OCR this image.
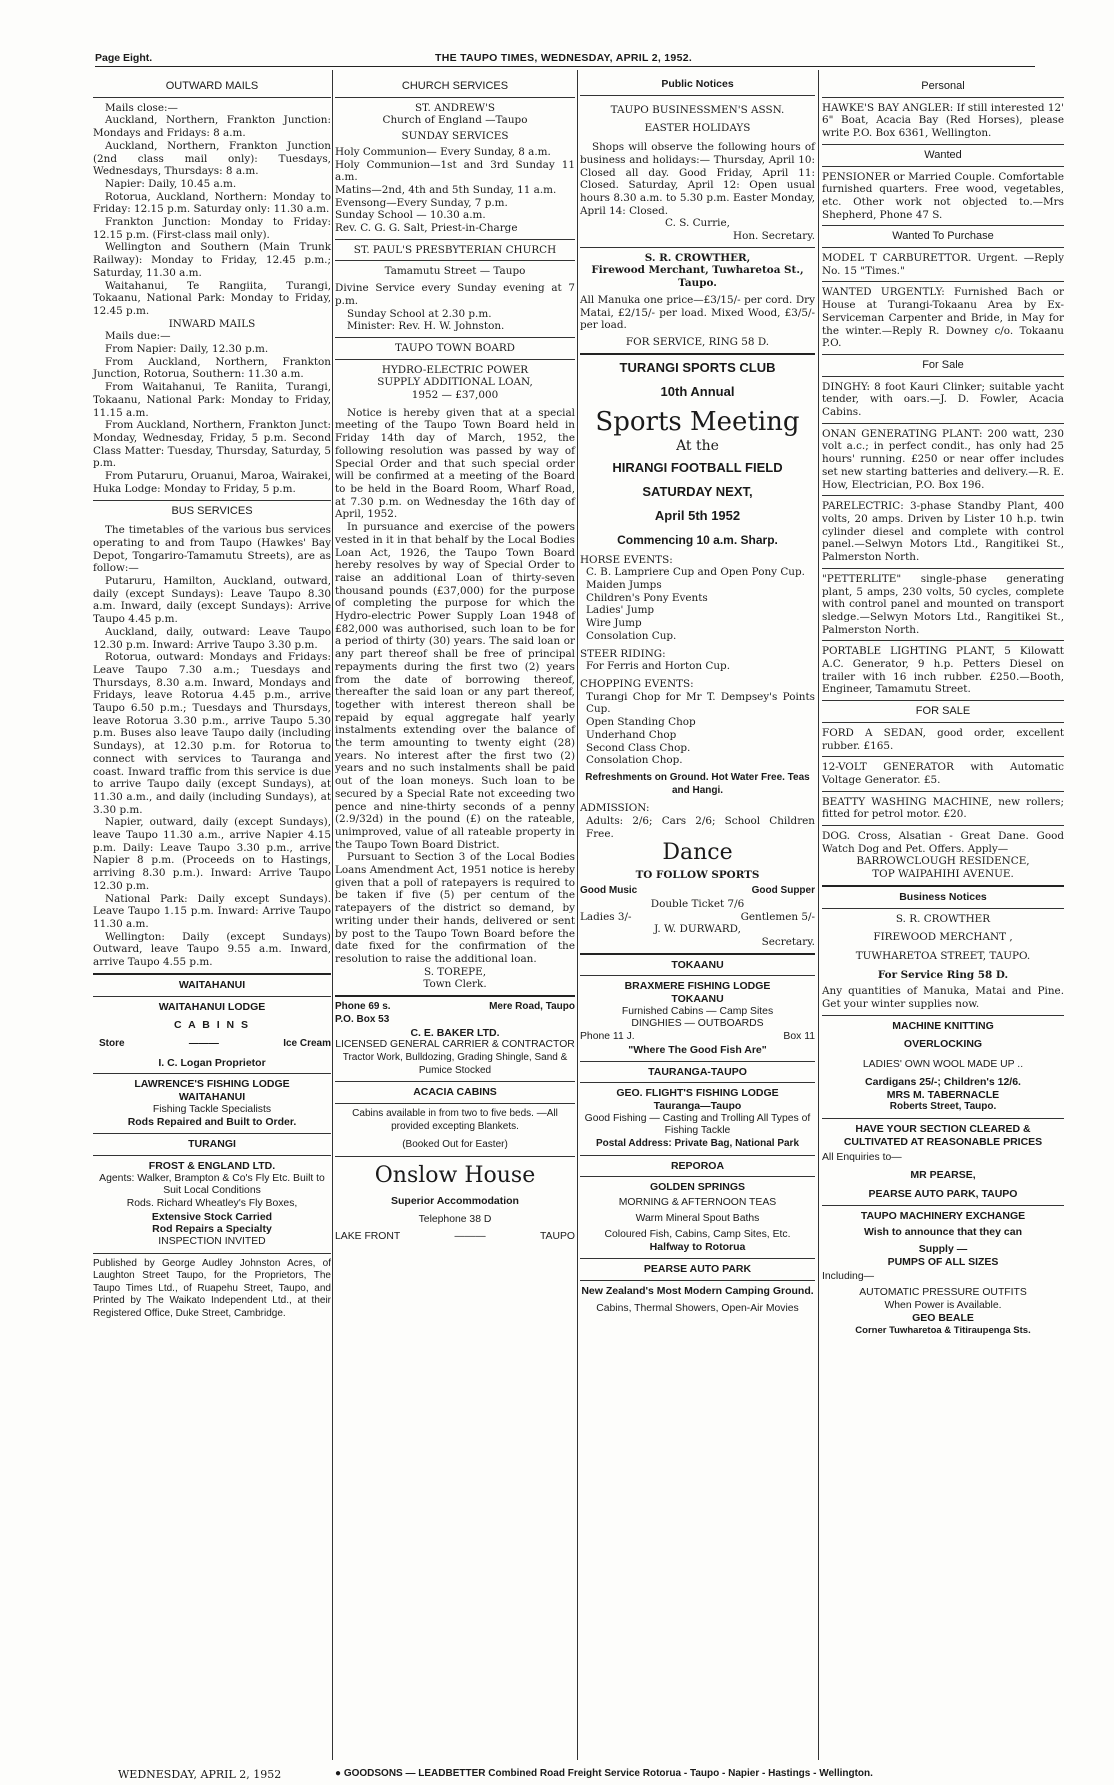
Page Eight.	THE TAUPO TIMES, WEDNESDAY, APRIL 2, 1952.
OUTWARD MAILS

Mails close:—

Auckland, Northern, Frankton Junction: Mondays and Fridays: 8 a.m.

Auckland, Northern, Frankton Junction (2nd class mail only): Tuesdays, Wednesdays, Thursdays: 8 a.m.

Napier: Daily, 10.45 a.m.

Rotorua, Auckland, Northern: Monday to Friday: 12.15 p.m. Saturday only: 11.30 a.m.

Frankton Junction: Monday to Friday: 12.15 p.m. (First-class mail only).

Wellington and Southern (Main Trunk Railway): Monday to Friday, 12.45 p.m.; Saturday, 11.30 a.m.

Waitahanui, Te Rangiita, Turangi, Tokaanu, National Park: Monday to Friday, 12.45 p.m.

INWARD MAILS

Mails due:—

From Napier: Daily, 12.30 p.m.

From Auckland, Northern, Frankton Junction, Rotorua, Southern: 11.30 a.m.

From Waitahanui, Te Raniita, Turangi, Tokaanu, National Park: Monday to Friday, 11.15 a.m.

From Auckland, Northern, Frankton Junct: Monday, Wednesday, Friday, 5 p.m. Second Class Matter: Tuesday, Thursday, Saturday, 5 p.m.

From Putaruru, Oruanui, Maroa, Wairakei, Huka Lodge: Monday to Friday, 5 p.m.

BUS SERVICES

The timetables of the various bus services operating to and from Taupo (Hawkes' Bay Depot, Tongariro-Tamamutu Streets), are as follow:—

Putaruru, Hamilton, Auckland, outward, daily (except Sundays): Leave Taupo 8.30 a.m. Inward, daily (except Sundays): Arrive Taupo 4.45 p.m.

Auckland, daily, outward: Leave Taupo 12.30 p.m. Inward: Arrive Taupo 3.30 p.m.

Rotorua, outward: Mondays and Fridays: Leave Taupo 7.30 a.m.; Tuesdays and Thursdays, 8.30 a.m. Inward, Mondays and Fridays, leave Rotorua 4.45 p.m., arrive Taupo 6.50 p.m.; Tuesdays and Thursdays, leave Rotorua 3.30 p.m., arrive Taupo 5.30 p.m. Buses also leave Taupo daily (including Sundays), at 12.30 p.m. for Rotorua to connect with services to Tauranga and coast. Inward traffic from this service is due to arrive Taupo daily (except Sundays), at 11.30 a.m., and daily (including Sundays), at 3.30 p.m.

Napier, outward, daily (except Sundays), leave Taupo 11.30 a.m., arrive Napier 4.15 p.m. Daily: Leave Taupo 3.30 p.m., arrive Napier 8 p.m. (Proceeds on to Hastings, arriving 8.30 p.m.). Inward: Arrive Taupo 12.30 p.m.

National Park: Daily except Sundays). Leave Taupo 1.15 p.m. Inward: Arrive Taupo 11.30 a.m.

Wellington: Daily (except Sundays) Outward, leave Taupo 9.55 a.m. Inward, arrive Taupo 4.55 p.m.

WAITAHANUI
WAITAHANUI LODGE
C A B I N S
Store	———	Ice Cream
I. C. Logan Proprietor
LAWRENCE'S FISHING LODGE
WAITAHANUI
Fishing Tackle Specialists
Rods Repaired and Built to Order.
TURANGI
FROST & ENGLAND LTD.
Agents: Walker, Brampton & Co's Fly Etc. Built to Suit Local Conditions
Rods. Richard Wheatley's Fly Boxes,
Extensive Stock Carried
Rod Repairs a Specialty
INSPECTION INVITED

Published by George Audley Johnston Acres, of Laughton Street Taupo, for the Proprietors, The Taupo Times Ltd., of Ruapehu Street, Taupo, and Printed by The Waikato Independent Ltd., at their Registered Office, Duke Street, Cambridge.

WEDNESDAY, APRIL 2, 1952
CHURCH SERVICES
ST. ANDREW'S
Church of England —Taupo
SUNDAY SERVICES

Holy Communion— Every Sunday, 8 a.m.

Holy Communion—1st and 3rd Sunday 11 a.m.

Matins—2nd, 4th and 5th Sunday, 11 a.m.

Evensong—Every Sunday, 7 p.m.

Sunday School — 10.30 a.m.

Rev. C. G. G. Salt, Priest-in-Charge

ST. PAUL'S PRESBYTERIAN CHURCH
Tamamutu Street — Taupo

Divine Service every Sunday evening at 7 p.m.

Sunday School at 2.30 p.m.

Minister: Rev. H. W. Johnston.

TAUPO TOWN BOARD
HYDRO-ELECTRIC POWER
SUPPLY ADDITIONAL LOAN,
1952 — £37,000

Notice is hereby given that at a special meeting of the Taupo Town Board held in Friday 14th day of March, 1952, the following resolution was passed by way of Special Order and that such special order will be confirmed at a meeting of the Board to be held in the Board Room, Wharf Road, at 7.30 p.m. on Wednesday the 16th day of April, 1952.

In pursuance and exercise of the powers vested in it in that behalf by the Local Bodies Loan Act, 1926, the Taupo Town Board hereby resolves by way of Special Order to raise an additional Loan of thirty-seven thousand pounds (£37,000) for the purpose of completing the purpose for which the Hydro-electric Power Supply Loan 1948 of £82,000 was authorised, such loan to be for a period of thirty (30) years. The said loan or any part thereof shall be free of principal repayments during the first two (2) years from the date of borrowing thereof, thereafter the said loan or any part thereof, together with interest thereon shall be repaid by equal aggregate half yearly instalments extending over the balance of the term amounting to twenty eight (28) years. No interest after the first two (2) years and no such instalments shall be paid out of the loan moneys. Such loan to be secured by a Special Rate not exceeding two pence and nine-thirty seconds of a penny (2.9/32d) in the pound (£) on the rateable, unimproved, value of all rateable property in the Taupo Town Board District.

Pursuant to Section 3 of the Local Bodies Loans Amendment Act, 1951 notice is hereby given that a poll of ratepayers is required to be taken if five (5) per centum of the ratepayers of the district so demand, by writing under their hands, delivered or sent by post to the Taupo Town Board before the date fixed for the confirmation of the resolution to raise the additional loan.

S. TOREPE,
Town Clerk.
Phone 69 s.	Mere Road, Taupo
P.O. Box 53
C. E. BAKER LTD.
LICENSED GENERAL CARRIER & CONTRACTOR
Tractor Work, Bulldozing, Grading Shingle, Sand & Pumice Stocked
ACACIA CABINS
Cabins available in from two to five beds. —All provided excepting Blankets.
(Booked Out for Easter)
Onslow House
Superior Accommodation
Telephone 38 D
LAKE FRONT	———	TAUPO
Public Notices
TAUPO BUSINESSMEN'S ASSN.
EASTER HOLIDAYS

Shops will observe the following hours of business and holidays:— Thursday, April 10: Closed all day. Good Friday, April 11: Closed. Saturday, April 12: Open usual hours 8.30 a.m. to 5.30 p.m. Easter Monday, April 14: Closed.

C. S. Currie,
Hon. Secretary.
S. R. CROWTHER,
Firewood Merchant, Tuwharetoa St., Taupo.

All Manuka one price—£3/15/- per cord. Dry Matai, £2/15/- per load. Mixed Wood, £3/5/- per load.

FOR SERVICE, RING 58 D.
TURANGI SPORTS CLUB
10th Annual
Sports Meeting
At the
HIRANGI FOOTBALL FIELD
SATURDAY NEXT,
April 5th 1952
Commencing 10 a.m. Sharp.
HORSE EVENTS:

C. B. Lampriere Cup and Open Pony Cup.

Maiden Jumps

Children's Pony Events

Ladies' Jump

Wire Jump

Consolation Cup.

STEER RIDING:

For Ferris and Horton Cup.

CHOPPING EVENTS:

Turangi Chop for Mr T. Dempsey's Points Cup.

Open Standing Chop

Underhand Chop

Second Class Chop.

Consolation Chop.

Refreshments on Ground. Hot Water Free. Teas and Hangi.
ADMISSION:

Adults: 2/6; Cars 2/6; School Children Free.

Dance
TO FOLLOW SPORTS
Good Music	Good Supper
Double Ticket 7/6
Ladies 3/-	Gentlemen 5/-
J. W. DURWARD,
Secretary.
TOKAANU
BRAXMERE FISHING LODGE
TOKAANU
Furnished Cabins — Camp Sites
DINGHIES — OUTBOARDS
Phone 11 J.	Box 11
"Where The Good Fish Are"
TAURANGA-TAUPO
GEO. FLIGHT'S FISHING LODGE
Tauranga—Taupo
Good Fishing — Casting and Trolling All Types of Fishing Tackle
Postal Address: Private Bag, National Park
REPOROA
GOLDEN SPRINGS
MORNING & AFTERNOON TEAS
Warm Mineral Spout Baths
Coloured Fish, Cabins, Camp Sites, Etc.
Halfway to Rotorua
PEARSE AUTO PARK
New Zealand's Most Modern Camping Ground.
Cabins, Thermal Showers, Open-Air Movies
Personal

HAWKE'S BAY ANGLER: If still interested 12' 6" Boat, Acacia Bay (Red Horses), please write P.O. Box 6361, Wellington.

Wanted

PENSIONER or Married Couple. Comfortable furnished quarters. Free wood, vegetables, etc. Other work not objected to.—Mrs Shepherd, Phone 47 S.

Wanted To Purchase

MODEL T CARBURETTOR. Urgent. —Reply No. 15 "Times."

WANTED URGENTLY: Furnished Bach or House at Turangi-Tokaanu Area by Ex-Serviceman Carpenter and Bride, in May for the winter.—Reply R. Downey c/o. Tokaanu P.O.

For Sale

DINGHY: 8 foot Kauri Clinker; suitable yacht tender, with oars.—J. D. Fowler, Acacia Cabins.

ONAN GENERATING PLANT: 200 watt, 230 volt a.c.; in perfect condit., has only had 25 hours' running. £250 or near offer includes set new starting batteries and delivery.—R. E. How, Electrician, P.O. Box 196.

PARELECTRIC: 3-phase Standby Plant, 400 volts, 20 amps. Driven by Lister 10 h.p. twin cylinder diesel and complete with control panel.—Selwyn Motors Ltd., Rangitikei St., Palmerston North.

"PETTERLITE" single-phase generating plant, 5 amps, 230 volts, 50 cycles, complete with control panel and mounted on transport sledge.—Selwyn Motors Ltd., Rangitikei St., Palmerston North.

PORTABLE LIGHTING PLANT, 5 Kilowatt A.C. Generator, 9 h.p. Petters Diesel on trailer with 16 inch rubber. £250.—Booth, Engineer, Tamamutu Street.

FOR SALE

FORD A SEDAN, good order, excellent rubber. £165.

12-VOLT GENERATOR with Automatic Voltage Generator. £5.

BEATTY WASHING MACHINE, new rollers; fitted for petrol motor. £20.

DOG. Cross, Alsatian - Great Dane. Good Watch Dog and Pet. Offers. Apply—

BARROWCLOUGH RESIDENCE,
TOP WAIPAHIHI AVENUE.
Business Notices
S. R. CROWTHER
FIREWOOD MERCHANT ,
TUWHARETOA STREET, TAUPO.
For Service Ring 58 D.

Any quantities of Manuka, Matai and Pine. Get your winter supplies now.

MACHINE KNITTING
OVERLOCKING
LADIES' OWN WOOL MADE UP ..
Cardigans 25/-; Children's 12/6.
MRS M. TABERNACLE
Roberts Street, Taupo.
HAVE YOUR SECTION CLEARED & CULTIVATED AT REASONABLE PRICES
All Enquiries to—
MR PEARSE,
PEARSE AUTO PARK, TAUPO
TAUPO MACHINERY EXCHANGE
Wish to announce that they can
Supply —
PUMPS OF ALL SIZES
Including—
AUTOMATIC PRESSURE OUTFITS
When Power is Available.
GEO BEALE
Corner Tuwharetoa & Titiraupenga Sts.
● GOODSONS — LEADBETTER Combined Road Freight Service Rotorua - Taupo - Napier - Hastings - Wellington.
